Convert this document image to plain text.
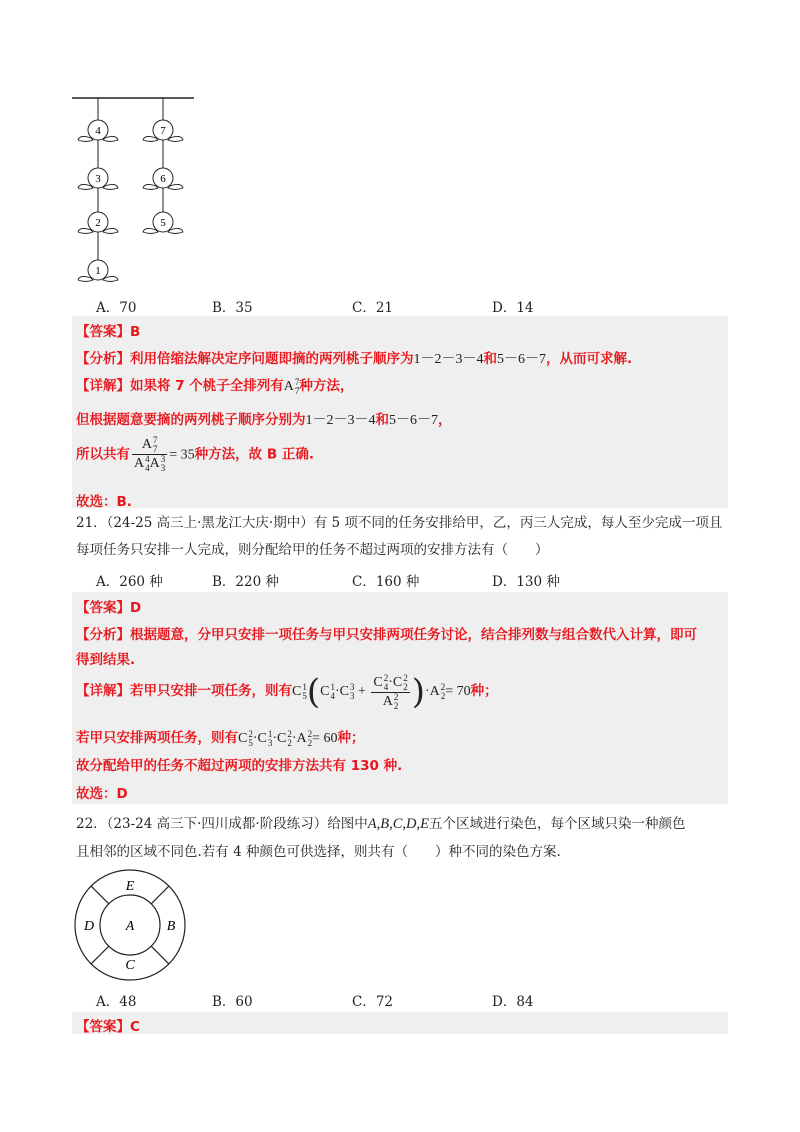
4
3
2
1
7
6
5
A．70	B．35	C．21	D．14
【答案】B
【分析】利用倍缩法解决定序问题即摘的两列桃子顺序为1－2－3－4和5－6－7，从而可求解.
【详解】如果将 7 个桃子全排列有A 7
7 种方法，
但根据题意要摘的两列桃子顺序分别为1－2－3－4和5－6－7，
所以共有 A 7
7
A 4
4 A 3
3 = 35种方法，故 B 正确.
故选：B.
21．（24-25 高三上·黑龙江大庆·期中）有 5 项不同的任务安排给甲，乙，丙三人完成，每人至少完成一项且每项任务只安排一人完成，则分配给甲的任务不超过两项的安排方法有（　　）
A．260 种	B．220 种	C．160 种	D．130 种
【答案】D
【分析】根据题意，分甲只安排一项任务与甲只安排两项任务讨论，结合排列数与组合数代入计算，即可
得到结果.
【详解】若甲只安排一项任务，则有C 1
5 (C 1
4 ·C 3
3 + C 2
4 ·C 2
2
A 2
2 )·A 2
2 = 70种；
若甲只安排两项任务，则有C 2
5 ·C 1
3 ·C 2
2 ·A 2
2 = 60种；
故分配给甲的任务不超过两项的安排方法共有 130 种.
故选：D
22．（23-24 高三下·四川成都·阶段练习）给图中A,B,C,D,E五个区域进行染色，每个区域只染一种颜色
且相邻的区域不同色.若有 4 种颜色可供选择，则共有（　　）种不同的染色方案.
E
D A B
C
A．48	B．60	C．72	D．84
【答案】C
